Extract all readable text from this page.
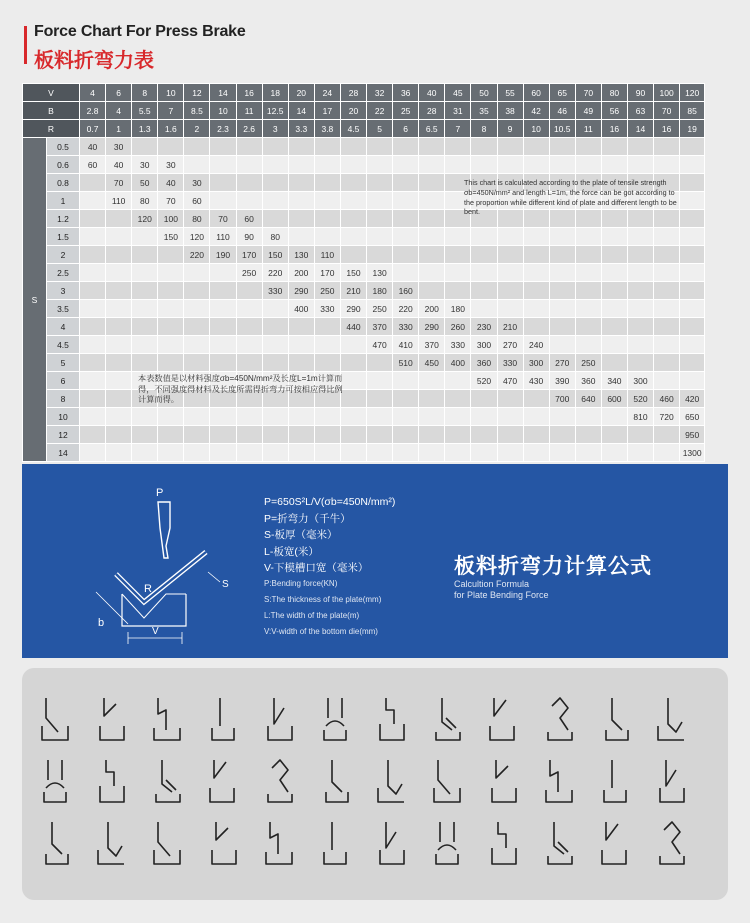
Force Chart For Press Brake
板料折弯力表
V		4	6	8	10	12	14	16	18	20	24	28	32	36	40	45	50	55	60	65	70	80	90	100	120
B		2.8	4	5.5	7	8.5	10	11	12.5	14	17	20	22	25	28	31	35	38	42	46	49	56	63	70	85
R		0.7	1	1.3	1.6	2	2.3	2.6	3	3.3	3.8	4.5	5	6	6.5	7	8	9	10	10.5	11	16	14	16	19
S	0.5	40	30																						
	0.6	60	40	30	30																				
	0.8		70	50	40	30																			
	1		110	80	70	60																			
	1.2			120	100	80	70	60																	
	1.5				150	120	110	90	80																
	2					220	190	170	150	130	110														
	2.5							250	220	200	170	150	130												
	3								330	290	250	210	180	160											
	3.5									400	330	290	250	220	200	180									
	4											440	370	330	290	260	230	210							
	4.5												470	410	370	330	300	270	240						
	5													510	450	400	360	330	300	270	250				
	6																520	470	430	390	360	340	300		
	8																			700	640	600	520	460	420
	10																						810	720	650
	12																								950
	14																								1300
This chart is calculated according to the plate of tensile strength σb=450N/mm² and length L=1m, the force can be got according to the proportion while different kind of plate and different length to be bent.
本表数值是以材料强度σb=450N/mm²及长度L=1m计算而得，不同强度得材料及长度所需得折弯力可按相应得比例计算而得。
P
R	S
b
V
P=650S²L/V(σb=450N/mm²)
P=折弯力（千牛）
S-板厚（毫米）
L-板宽(米）
V-下模槽口宽（毫米）
P:Bending force(KN)
S:The thickness of the plate(mm)
L:The width of the plate(m)
V:V-width of the bottom die(mm)
板料折弯力计算公式
Calcultion Formula
for Plate Bending Force
